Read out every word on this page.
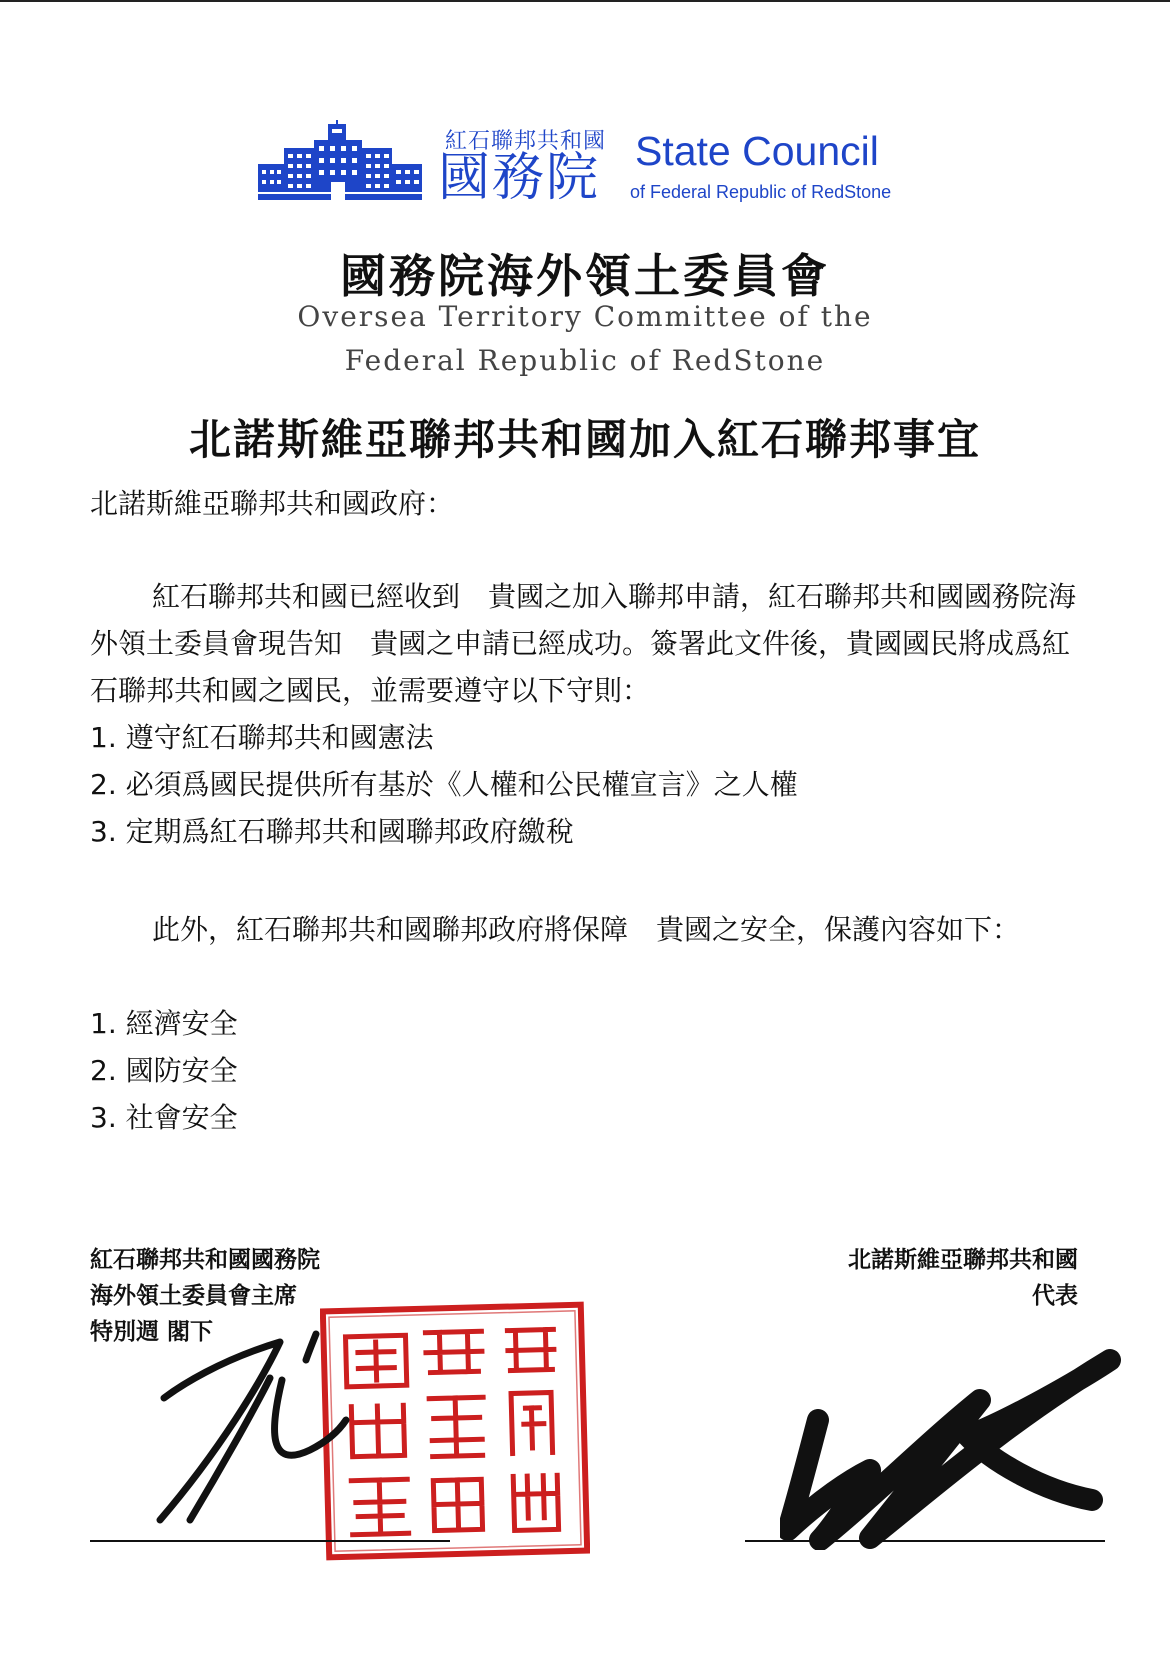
紅石聯邦共和國
國務院 State Council
of Federal Republic of RedStone
國務院海外領土委員會
Oversea Territory Committee of the
Federal Republic of RedStone
北諾斯維亞聯邦共和國加入紅石聯邦事宜
北諾斯維亞聯邦共和國政府：

紅石聯邦共和國已經收到　貴國之加入聯邦申請，紅石聯邦共和國國務院海外領土委員會現告知　貴國之申請已經成功。簽署此文件後，貴國國民將成爲紅石聯邦共和國之國民，並需要遵守以下守則：

1. 遵守紅石聯邦共和國憲法
2. 必須爲國民提供所有基於《人權和公民權宣言》之人權
3. 定期爲紅石聯邦共和國聯邦政府繳稅

此外，紅石聯邦共和國聯邦政府將保障　貴國之安全，保護內容如下：

1. 經濟安全
2. 國防安全
3. 社會安全
紅石聯邦共和國國務院
海外領土委員會主席
特別週 閣下
北諾斯維亞聯邦共和國
代表
